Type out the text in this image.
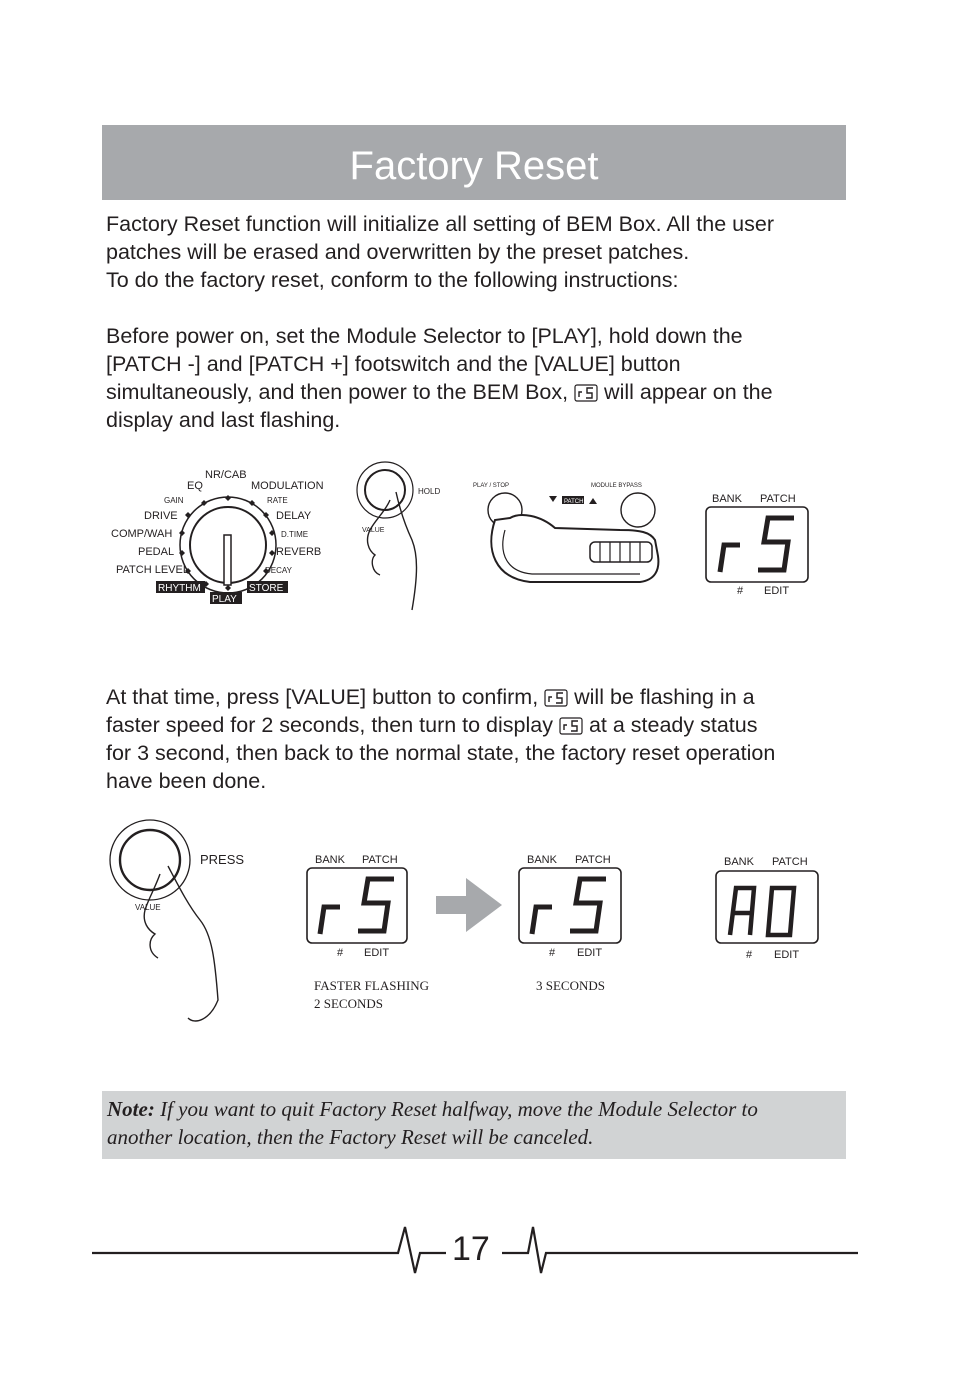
Factory Reset

Factory Reset function will initialize all setting of BEM Box. All the user

patches will be erased and overwritten by the preset patches.

To do the factory reset, conform to the following instructions:

Before power on, set the Module Selector to [PLAY], hold down the

[PATCH -] and [PATCH +] footswitch and the [VALUE] button

simultaneously, and then power to the BEM Box,  will appear on the

display and last flashing.

NR/CAB
EQ	MODULATION
GAIN	RATE
DRIVE	DELAY
COMP/WAH	D.TIME
PEDAL	REVERB
PATCH LEVEL	DECAY
RHYTHM
PLAY
STORE
HOLD
VALUE
PLAY / STOP	MODULE BYPASS
PATCH	BANK PATCH
# EDIT

At that time, press [VALUE] button to confirm,  will be flashing in a

faster speed for 2 seconds, then turn to display  at a steady status

for 3 second, then back to the normal state, the factory reset operation

have been done.

PRESS
VALUE
BANK PATCH
# EDIT
BANK PATCH
# EDIT
BANK PATCH
# EDIT
FASTER FLASHING
2 SECONDS
3 SECONDS
Note: If you want to quit Factory Reset halfway, move the Module Selector to
another location, then the Factory Reset will be canceled.
17
